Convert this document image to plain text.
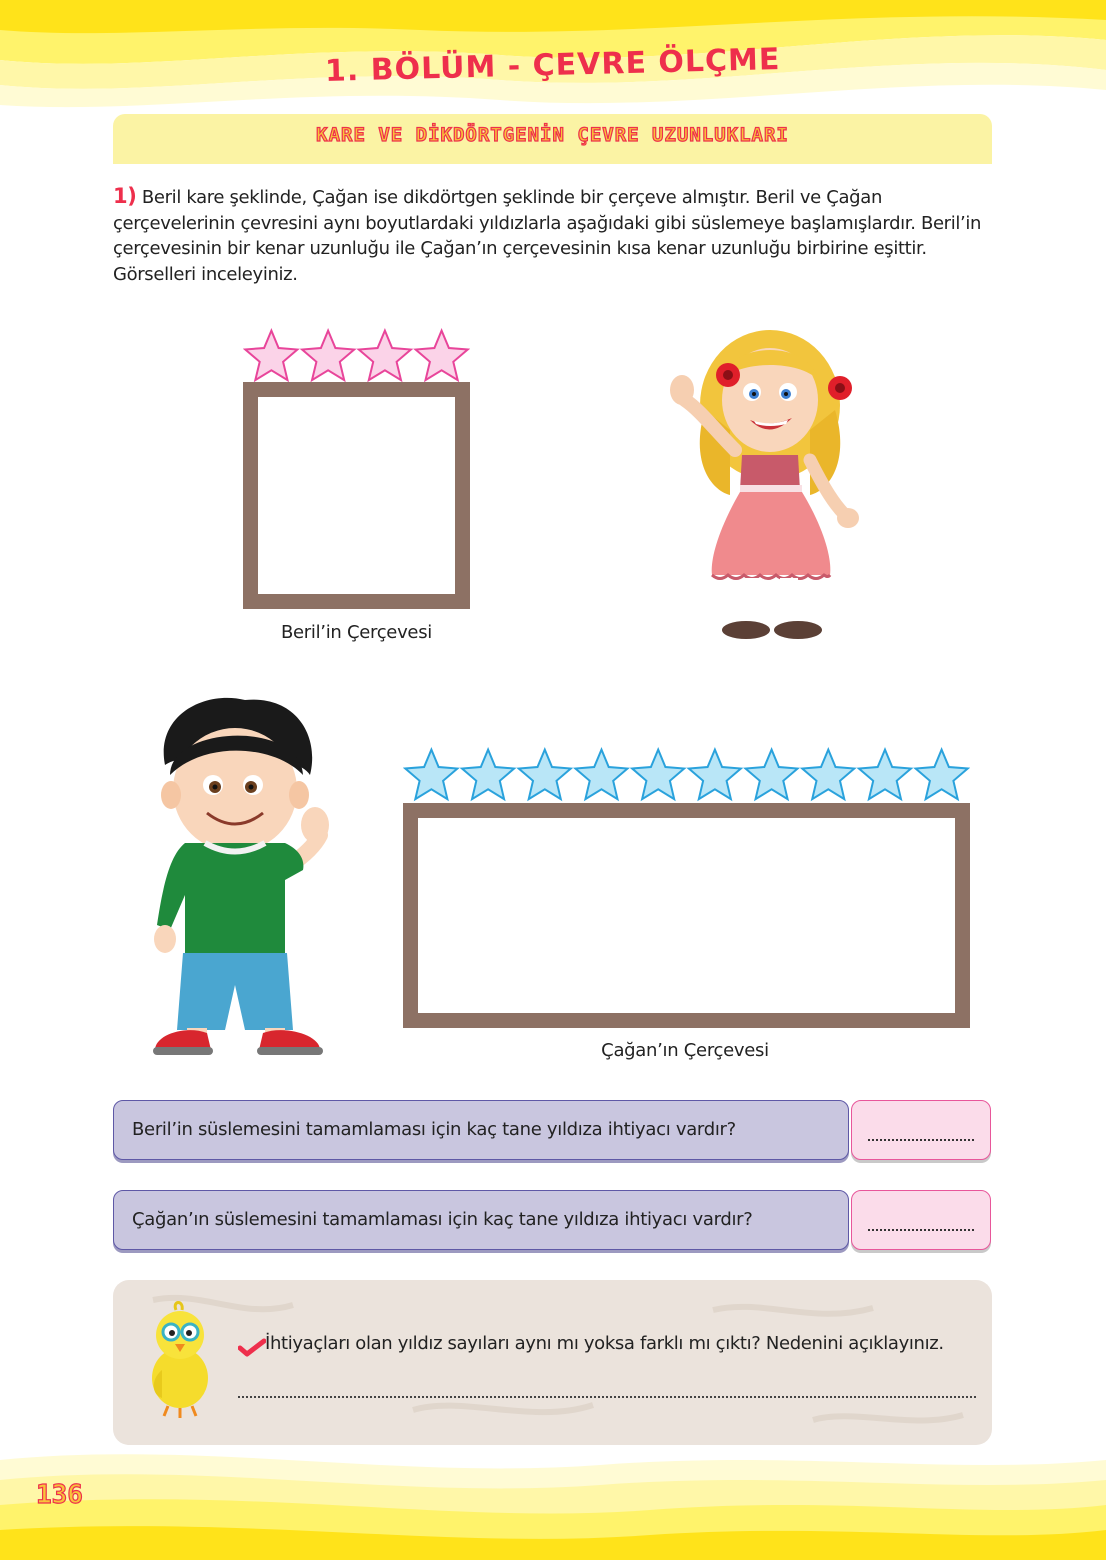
1. BÖLÜM - ÇEVRE ÖLÇME
KARE VE DİKDÖRTGENİN ÇEVRE UZUNLUKLARI
1) Beril kare şeklinde, Çağan ise dikdörtgen şeklinde bir çerçeve almıştır. Beril ve Çağan çerçevelerinin çevresini aynı boyutlardaki yıldızlarla aşağıdaki gibi süslemeye başlamışlardır. Beril’in çerçevesinin bir kenar uzunluğu ile Çağan’ın çerçevesinin kısa kenar uzunluğu birbirine eşittir. Görselleri inceleyiniz.
Beril’in Çerçevesi
Çağan’ın Çerçevesi
Beril’in süslemesini tamamlaması için kaç tane yıldıza ihtiyacı vardır?
Çağan’ın süslemesini tamamlaması için kaç tane yıldıza ihtiyacı vardır?
İhtiyaçları olan yıldız sayıları aynı mı yoksa farklı mı çıktı? Nedenini açıklayınız.
136
